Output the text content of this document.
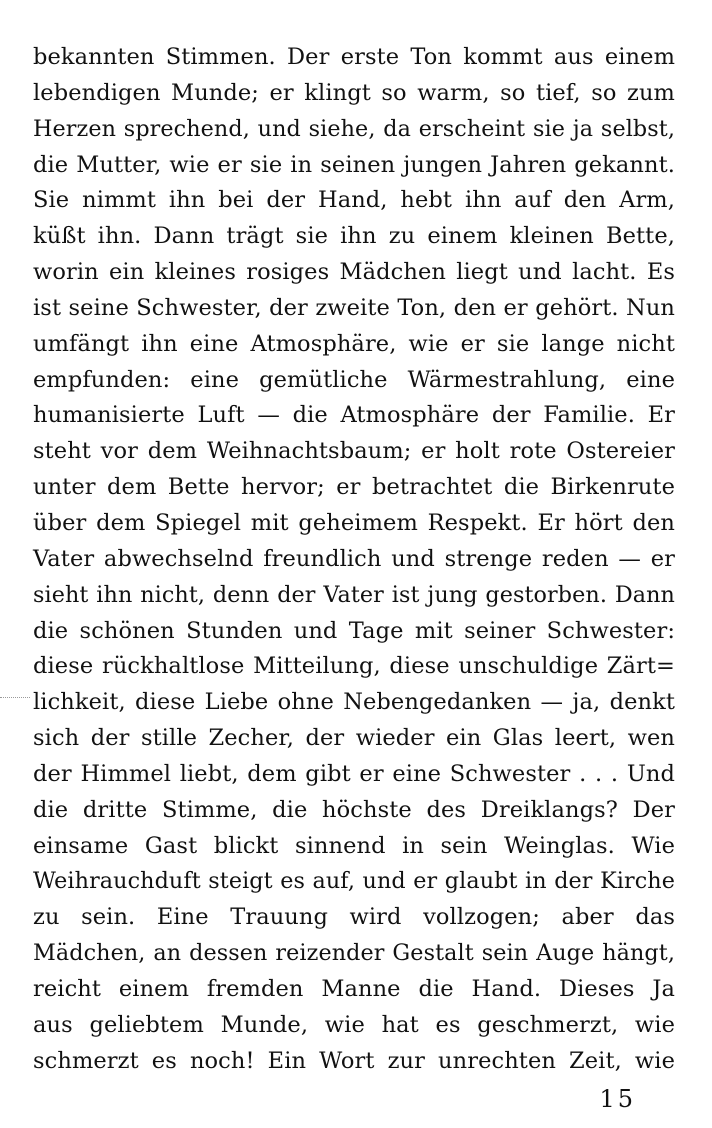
bekannten Stimmen. Der erste Ton kommt aus einem
lebendigen Munde; er klingt so warm, so tief, so zum
Herzen sprechend, und siehe, da erscheint sie ja selbst,
die Mutter, wie er sie in seinen jungen Jahren gekannt.
Sie nimmt ihn bei der Hand, hebt ihn auf den Arm,
küßt ihn. Dann trägt sie ihn zu einem kleinen Bette,
worin ein kleines rosiges Mädchen liegt und lacht. Es
ist seine Schwester, der zweite Ton, den er gehört. Nun
umfängt ihn eine Atmosphäre, wie er sie lange nicht
empfunden: eine gemütliche Wärmestrahlung, eine
humanisierte Luft — die Atmosphäre der Familie. Er
steht vor dem Weihnachtsbaum; er holt rote Ostereier
unter dem Bette hervor; er betrachtet die Birkenrute
über dem Spiegel mit geheimem Respekt. Er hört den
Vater abwechselnd freundlich und strenge reden — er
sieht ihn nicht, denn der Vater ist jung gestorben. Dann
die schönen Stunden und Tage mit seiner Schwester:
diese rückhaltlose Mitteilung, diese unschuldige Zärt=
lichkeit, diese Liebe ohne Nebengedanken — ja, denkt
sich der stille Zecher, der wieder ein Glas leert, wen
der Himmel liebt, dem gibt er eine Schwester . . . Und
die dritte Stimme, die höchste des Dreiklangs? Der
einsame Gast blickt sinnend in sein Weinglas. Wie
Weihrauchduft steigt es auf, und er glaubt in der Kirche
zu sein. Eine Trauung wird vollzogen; aber das
Mädchen, an dessen reizender Gestalt sein Auge hängt,
reicht einem fremden Manne die Hand. Dieses Ja
aus geliebtem Munde, wie hat es geschmerzt, wie
schmerzt es noch! Ein Wort zur unrechten Zeit, wie
15
